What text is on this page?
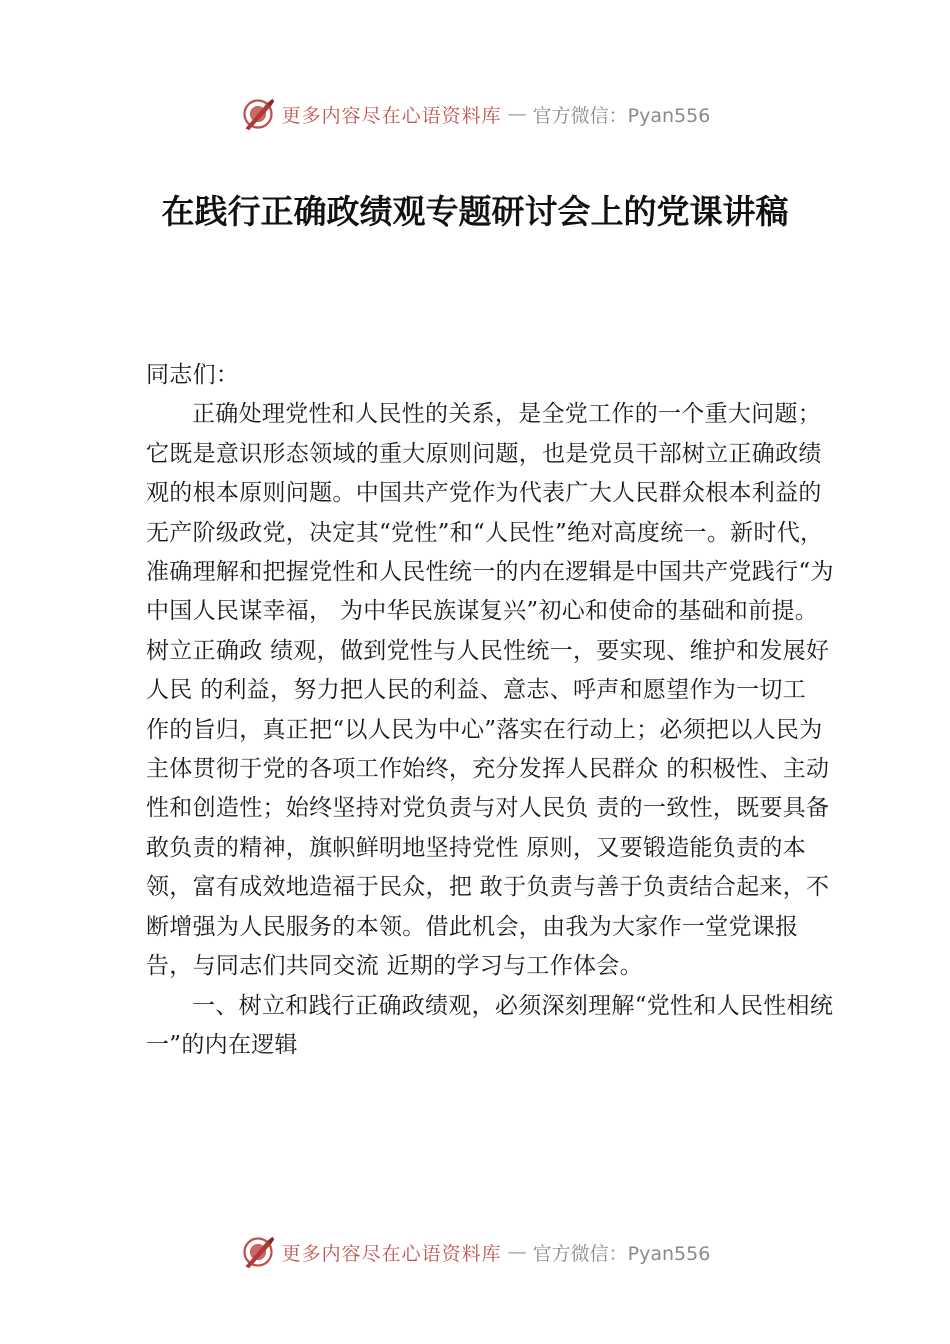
更多内容尽在心语资料库 — 官方微信：Pyan556
在践行正确政绩观专题研讨会上的党课讲稿

同志们：

正确处理党性和人民性的关系，是全党工作的一个重大问题；它既是意识形态领域的重大原则问题，也是党员干部树立正确政绩观的根本原则问题。中国共产党作为代表广大人民群众根本利益的无产阶级政党，决定其“党性”和“人民性”绝对高度统一。新时代，准确理解和把握党性和人民性统一的内在逻辑是中国共产党践行“为中国人民谋幸福， 为中华民族谋复兴”初心和使命的基础和前提。树立正确政 绩观，做到党性与人民性统一，要实现、维护和发展好人民 的利益，努力把人民的利益、意志、呼声和愿望作为一切工 作的旨归，真正把“以人民为中心”落实在行动上；必须把以人民为主体贯彻于党的各项工作始终，充分发挥人民群众 的积极性、主动性和创造性；始终坚持对党负责与对人民负 责的一致性，既要具备敢负责的精神，旗帜鲜明地坚持党性 原则，又要锻造能负责的本领，富有成效地造福于民众，把 敢于负责与善于负责结合起来，不断增强为人民服务的本领。借此机会，由我为大家作一堂党课报告，与同志们共同交流 近期的学习与工作体会。

一、树立和践行正确政绩观，必须深刻理解“党性和人民性相统一”的内在逻辑

更多内容尽在心语资料库 — 官方微信：Pyan556
